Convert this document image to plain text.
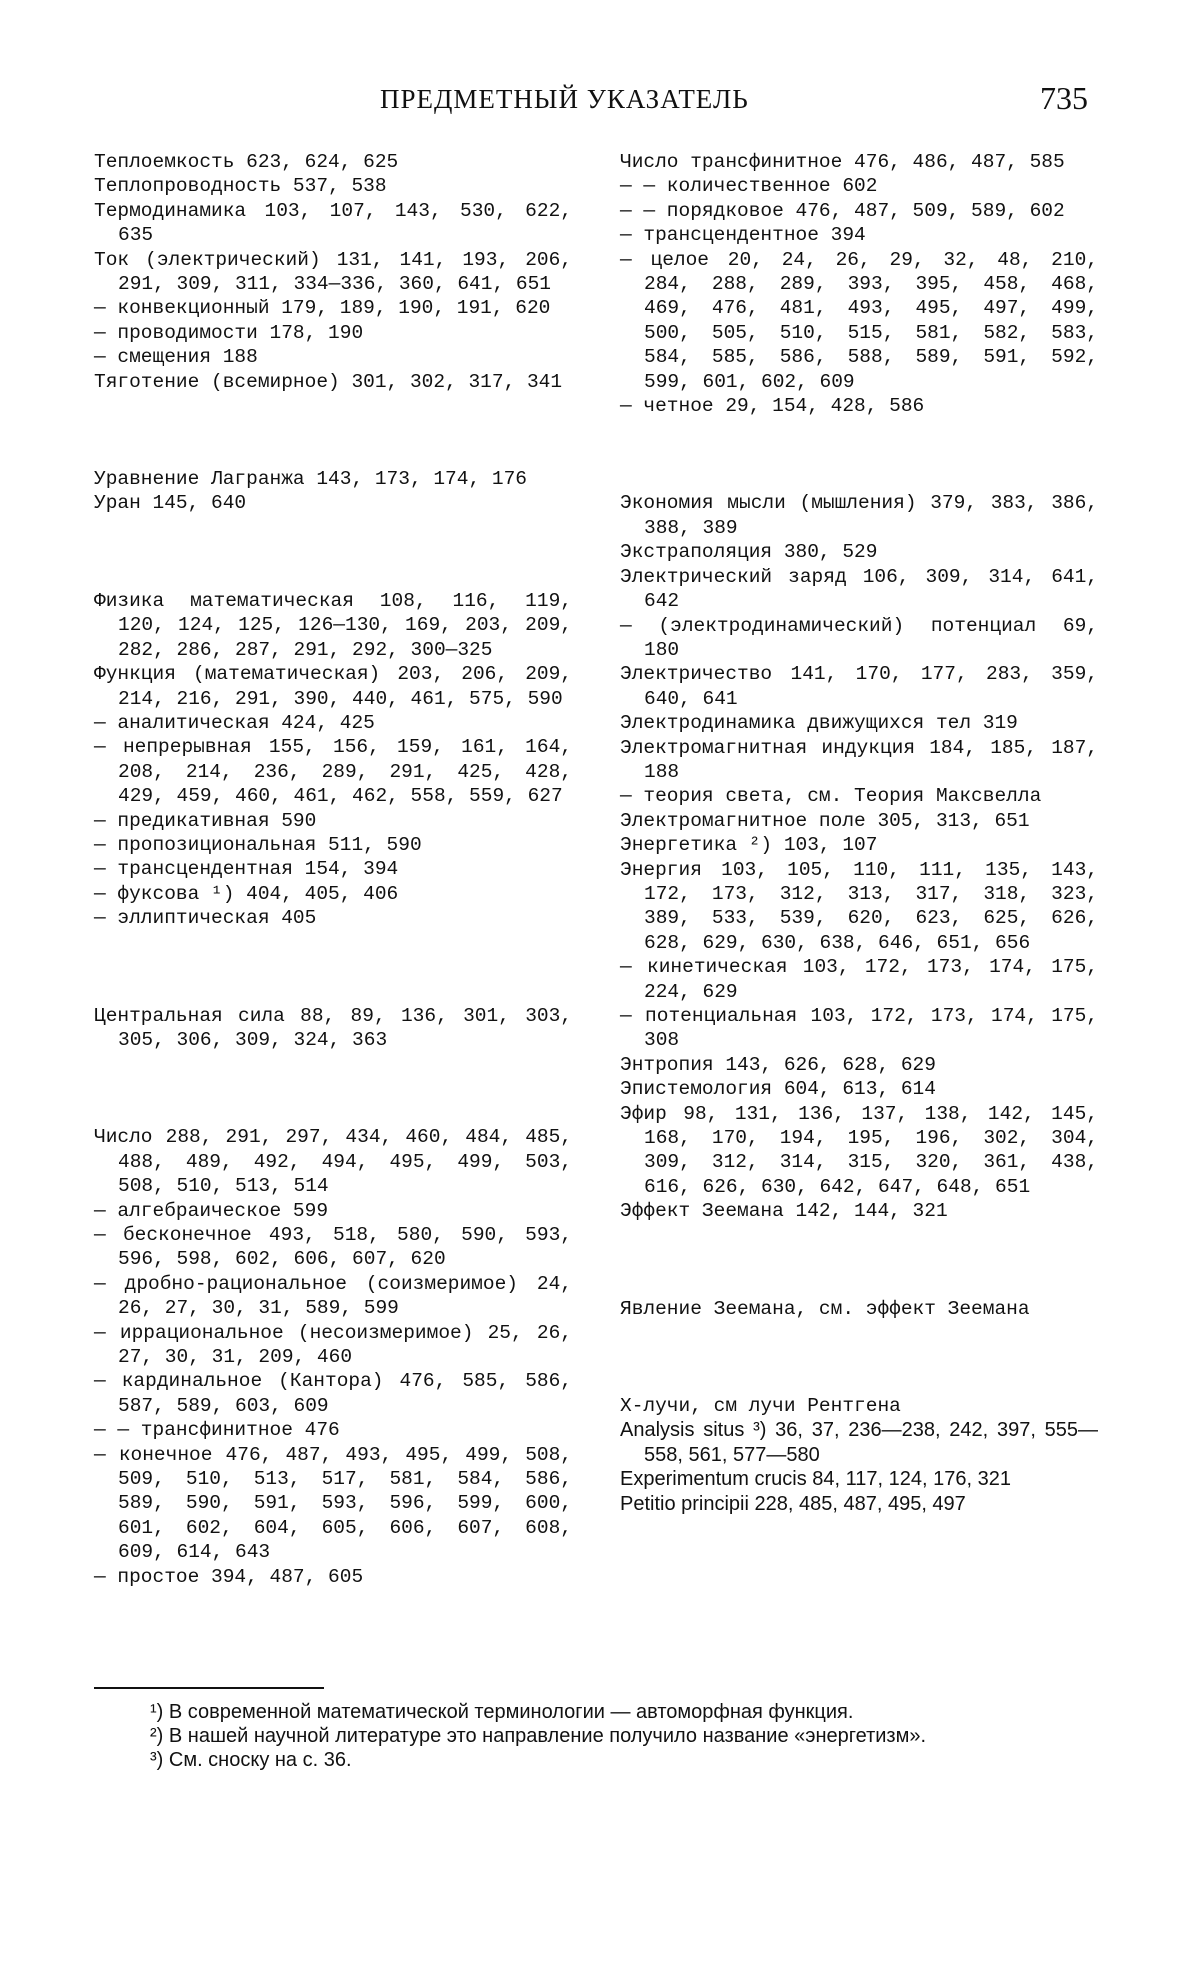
ПРЕДМЕТНЫЙ УКАЗАТЕЛЬ	735

Теплоемкость 623, 624, 625

Теплопроводность 537, 538

Термодинамика 103, 107, 143, 530, 622, 635

Ток (электрический) 131, 141, 193, 206, 291, 309, 311, 334—336, 360, 641, 651

— конвекционный 179, 189, 190, 191, 620

— проводимости 178, 190

— смещения 188

Тяготение (всемирное) 301, 302, 317, 341

Уравнение Лагранжа 143, 173, 174, 176

Уран 145, 640

Физика математическая 108, 116, 119, 120, 124, 125, 126—130, 169, 203, 209, 282, 286, 287, 291, 292, 300—325

Функция (математическая) 203, 206, 209, 214, 216, 291, 390, 440, 461, 575, 590

— аналитическая 424, 425

— непрерывная 155, 156, 159, 161, 164, 208, 214, 236, 289, 291, 425, 428, 429, 459, 460, 461, 462, 558, 559, 627

— предикативная 590

— пропозициональная 511, 590

— трансцендентная 154, 394

— фуксова ¹) 404, 405, 406

— эллиптическая 405

Центральная сила 88, 89, 136, 301, 303, 305, 306, 309, 324, 363

Число 288, 291, 297, 434, 460, 484, 485, 488, 489, 492, 494, 495, 499, 503, 508, 510, 513, 514

— алгебраическое 599

— бесконечное 493, 518, 580, 590, 593, 596, 598, 602, 606, 607, 620

— дробно-рациональное (соизмеримое) 24, 26, 27, 30, 31, 589, 599

— иррациональное (несоизмеримое) 25, 26, 27, 30, 31, 209, 460

— кардинальное (Кантора) 476, 585, 586, 587, 589, 603, 609

— — трансфинитное 476

— конечное 476, 487, 493, 495, 499, 508, 509, 510, 513, 517, 581, 584, 586, 589, 590, 591, 593, 596, 599, 600, 601, 602, 604, 605, 606, 607, 608, 609, 614, 643

— простое 394, 487, 605

Число трансфинитное 476, 486, 487, 585

— — количественное 602

— — порядковое 476, 487, 509, 589, 602

— трансцендентное 394

— целое 20, 24, 26, 29, 32, 48, 210, 284, 288, 289, 393, 395, 458, 468, 469, 476, 481, 493, 495, 497, 499, 500, 505, 510, 515, 581, 582, 583, 584, 585, 586, 588, 589, 591, 592, 599, 601, 602, 609

— четное 29, 154, 428, 586

Экономия мысли (мышления) 379, 383, 386, 388, 389

Экстраполяция 380, 529

Электрический заряд 106, 309, 314, 641, 642

— (электродинамический) потенциал 69, 180

Электричество 141, 170, 177, 283, 359, 640, 641

Электродинамика движущихся тел 319

Электромагнитная индукция 184, 185, 187, 188

— теория света, см. Теория Максвелла

Электромагнитное поле 305, 313, 651

Энергетика ²) 103, 107

Энергия 103, 105, 110, 111, 135, 143, 172, 173, 312, 313, 317, 318, 323, 389, 533, 539, 620, 623, 625, 626, 628, 629, 630, 638, 646, 651, 656

— кинетическая 103, 172, 173, 174, 175, 224, 629

— потенциальная 103, 172, 173, 174, 175, 308

Энтропия 143, 626, 628, 629

Эпистемология 604, 613, 614

Эфир 98, 131, 136, 137, 138, 142, 145, 168, 170, 194, 195, 196, 302, 304, 309, 312, 314, 315, 320, 361, 438, 616, 626, 630, 642, 647, 648, 651

Эффект Зеемана 142, 144, 321

Явление Зеемана, см. эффект Зеемана

X-лучи, см лучи Рентгена

Analysis situs ³) 36, 37, 236—238, 242, 397, 555—558, 561, 577—580

Experimentum crucis 84, 117, 124, 176, 321

Petitio principii 228, 485, 487, 495, 497

¹) В современной математической терминологии — автоморфная функция.

²) В нашей научной литературе это направление получило название «энергетизм».

³) См. сноску на с. 36.
